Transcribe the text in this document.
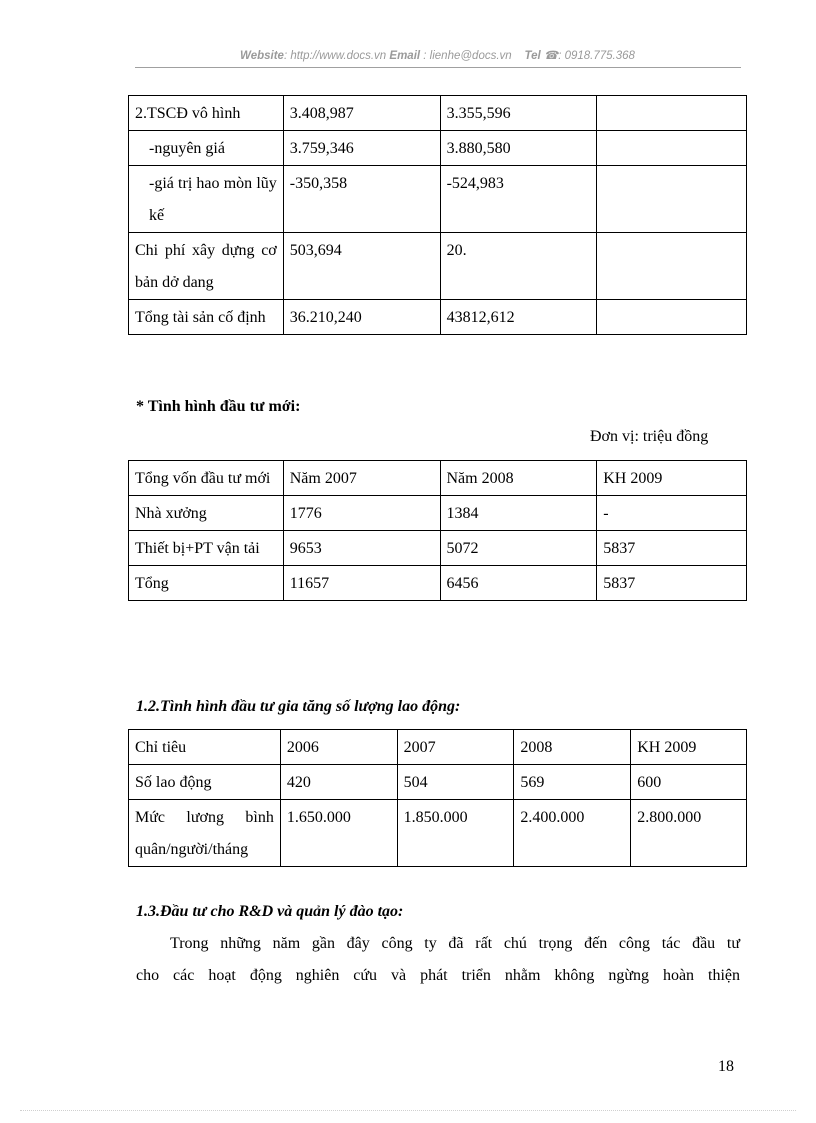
Website: http://www.docs.vn Email : lienhe@docs.vn    Tel ☎: 0918.775.368
2.TSCĐ vô hình	3.408,987	3.355,596	
-nguyên giá	3.759,346	3.880,580	
-giá trị hao mòn lũy kế	-350,358	-524,983	
Chi phí xây dựng cơ bản dở dang	503,694	20.	
Tổng tài sản cố định	36.210,240	43812,612	
* Tình hình đầu tư mới:
Đơn vị: triệu đồng
Tổng vốn đầu tư mới	Năm 2007	Năm 2008	KH 2009
Nhà xưởng	1776	1384	-
Thiết bị+PT vận tải	9653	5072	5837
Tổng	11657	6456	5837
1.2.Tình hình đầu tư gia tăng số lượng lao động:
Chỉ tiêu	2006	2007	2008	KH 2009
Số lao động	420	504	569	600
Mức lương bình quân/người/tháng	1.650.000	1.850.000	2.400.000	2.800.000
1.3.Đầu tư cho R&D và quản lý đào tạo:
Trong những năm gần đây công ty đã rất chú trọng đến công tác đầu tư
cho các hoạt động nghiên cứu và phát triển nhằm không ngừng hoàn thiện
18
